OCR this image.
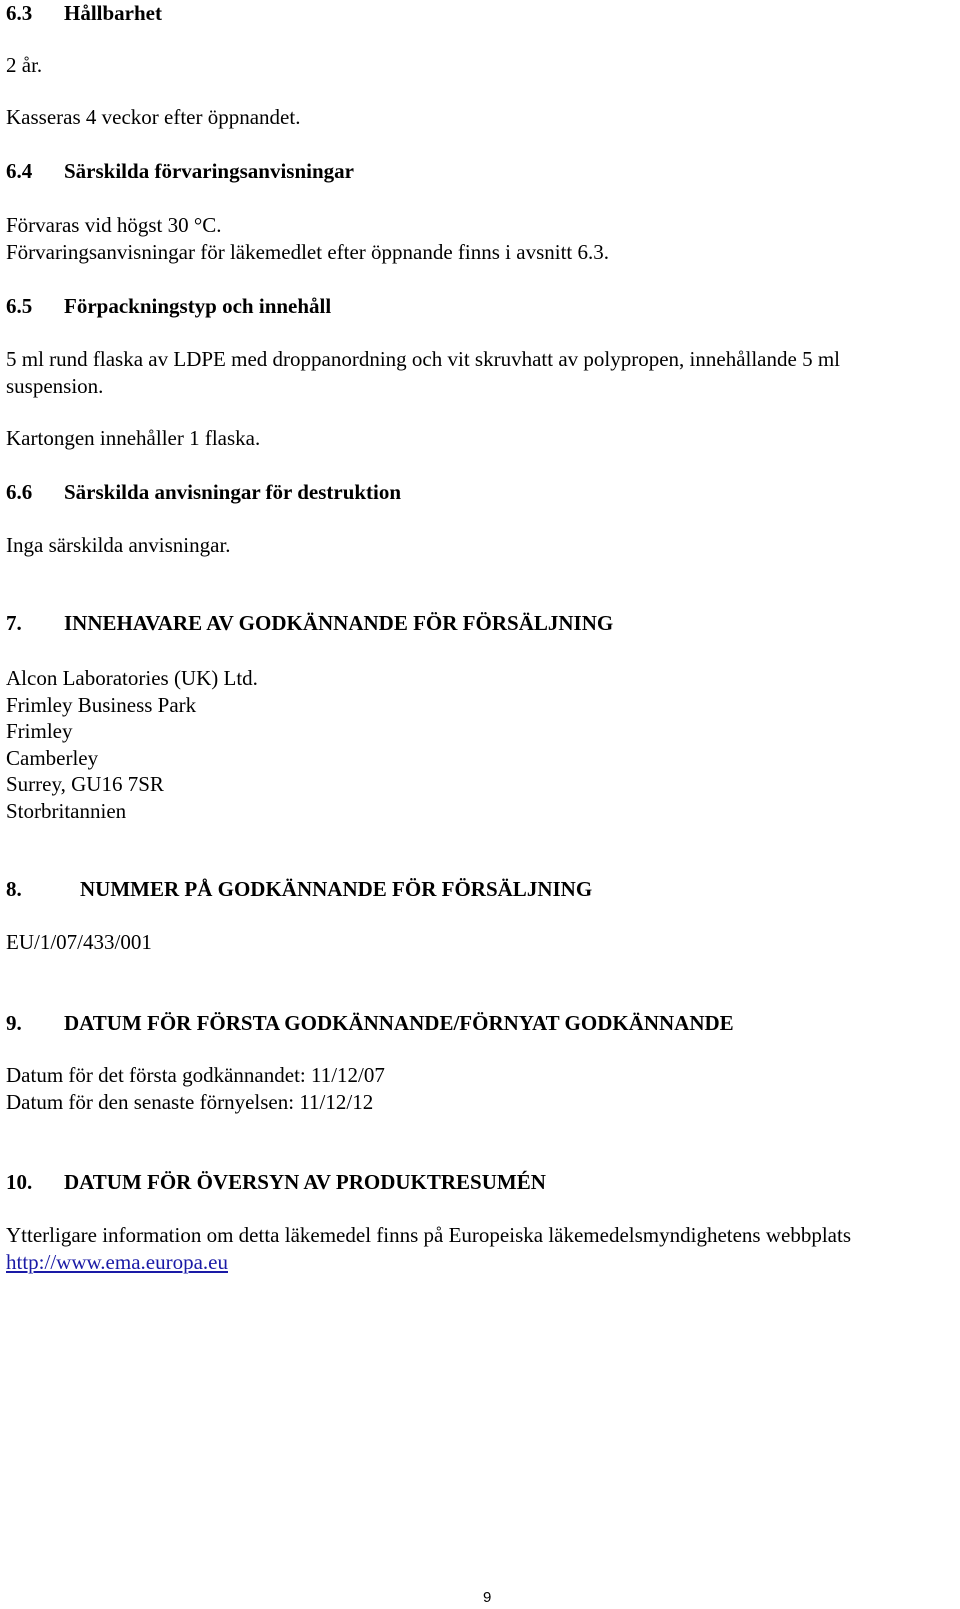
6.3 Hållbarhet
2 år.
Kasseras 4 veckor efter öppnandet.
6.4 Särskilda förvaringsanvisningar
Förvaras vid högst 30 °C.
Förvaringsanvisningar för läkemedlet efter öppnande finns i avsnitt 6.3.
6.5 Förpackningstyp och innehåll
5 ml rund flaska av LDPE med droppanordning och vit skruvhatt av polypropen, innehållande 5 ml
suspension.
Kartongen innehåller 1 flaska.
6.6 Särskilda anvisningar för destruktion
Inga särskilda anvisningar.
7. INNEHAVARE AV GODKÄNNANDE FÖR FÖRSÄLJNING
Alcon Laboratories (UK) Ltd.
Frimley Business Park
Frimley
Camberley
Surrey, GU16 7SR
Storbritannien
8.	NUMMER PÅ GODKÄNNANDE FÖR FÖRSÄLJNING
EU/1/07/433/001
9. DATUM FÖR FÖRSTA GODKÄNNANDE/FÖRNYAT GODKÄNNANDE
Datum för det första godkännandet: 11/12/07
Datum för den senaste förnyelsen: 11/12/12
10. DATUM FÖR ÖVERSYN AV PRODUKTRESUMÉN
Ytterligare information om detta läkemedel finns på Europeiska läkemedelsmyndighetens webbplats
http://www.ema.europa.eu
9
